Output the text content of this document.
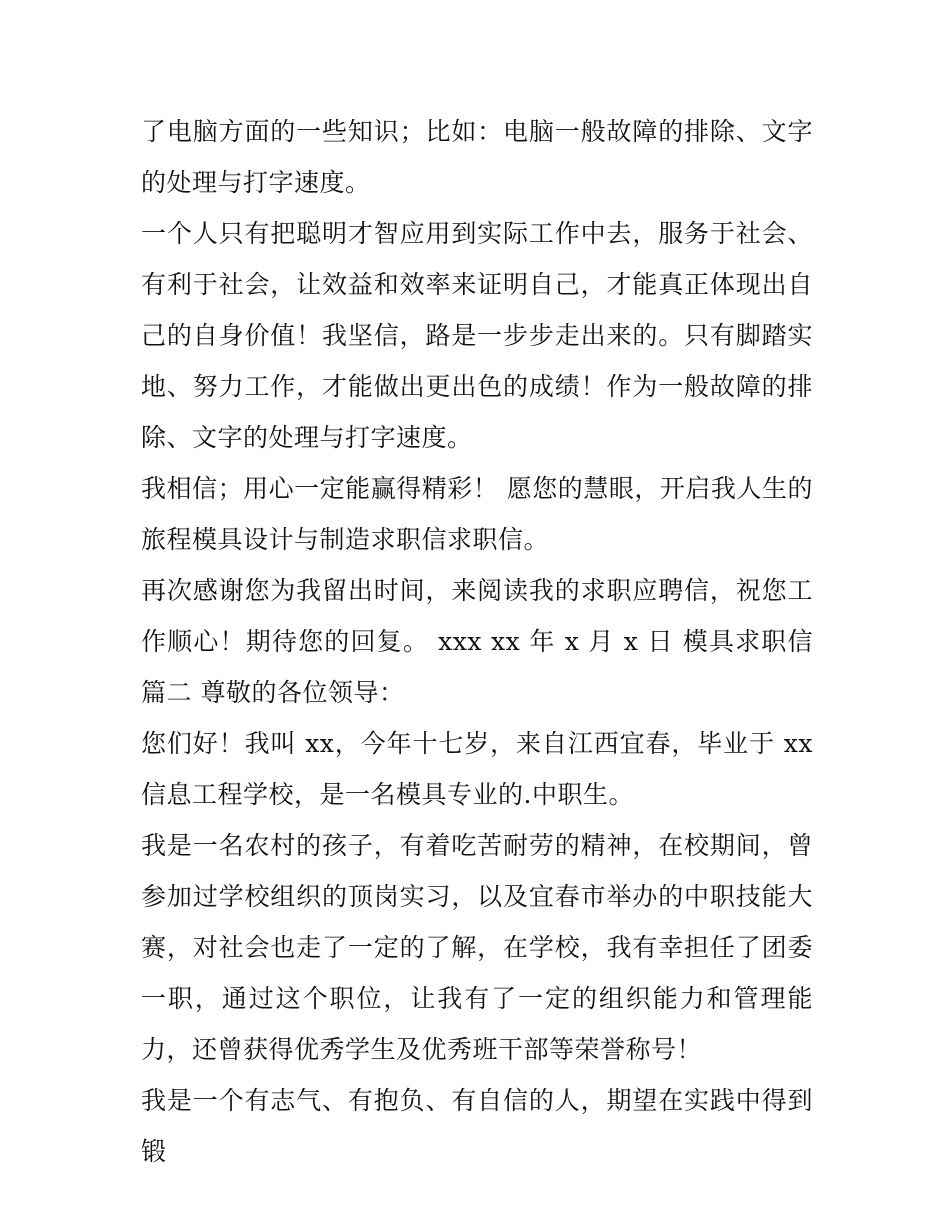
了电脑方面的一些知识；比如：电脑一般故障的排除、文字的处理与打字速度。

一个人只有把聪明才智应用到实际工作中去，服务于社会、有利于社会，让效益和效率来证明自己，才能真正体现出自己的自身价值！我坚信，路是一步步走出来的。只有脚踏实地、努力工作，才能做出更出色的成绩！作为一般故障的排除、文字的处理与打字速度。

我相信；用心一定能赢得精彩！ 愿您的慧眼，开启我人生的旅程模具设计与制造求职信求职信。

再次感谢您为我留出时间，来阅读我的求职应聘信，祝您工作顺心！期待您的回复。 xxx xx 年 x 月 x 日 模具求职信篇二 尊敬的各位领导：

您们好！我叫 xx，今年十七岁，来自江西宜春，毕业于 xx 信息工程学校，是一名模具专业的.中职生。

我是一名农村的孩子，有着吃苦耐劳的精神，在校期间，曾参加过学校组织的顶岗实习，以及宜春市举办的中职技能大赛，对社会也走了一定的了解，在学校，我有幸担任了团委一职，通过这个职位，让我有了一定的组织能力和管理能力，还曾获得优秀学生及优秀班干部等荣誉称号！

我是一个有志气、有抱负、有自信的人，期望在实践中得到锻
